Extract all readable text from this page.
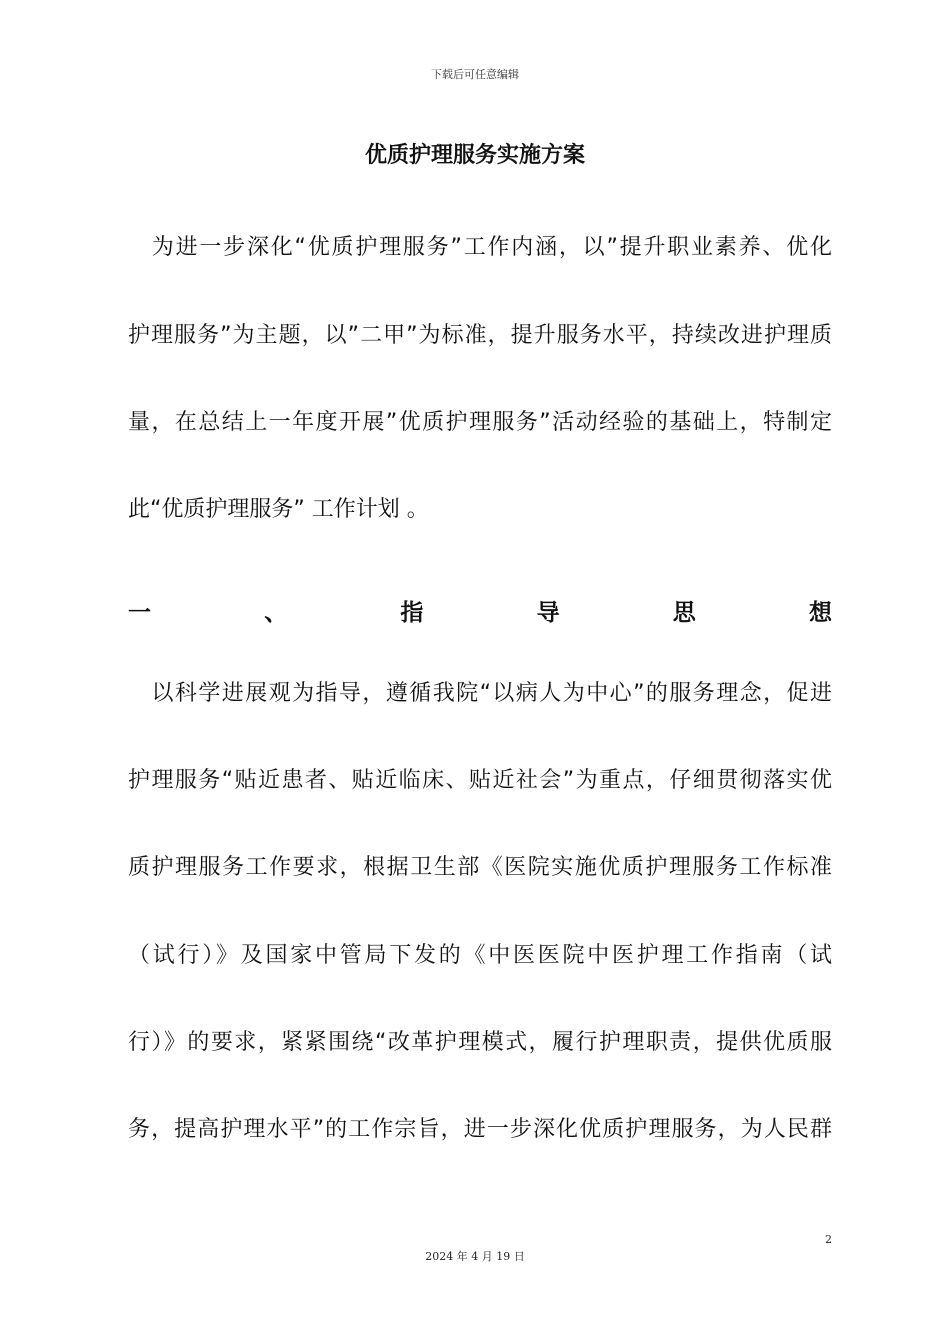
下载后可任意编辑
优质护理服务实施方案
　为进一步深化“优质护理服务”工作内涵，以”提升职业素养、优化
护理服务”为主题，以”二甲”为标准，提升服务水平，持续改进护理质
量，在总结上一年度开展”优质护理服务”活动经验的基础上，特制定
此“优质护理服务” 工作计划 。
一	、	指	导	思	想
　以科学进展观为指导，遵循我院“以病人为中心”的服务理念，促进
护理服务“贴近患者、贴近临床、贴近社会”为重点，仔细贯彻落实优
质护理服务工作要求，根据卫生部《医院实施优质护理服务工作标准
（试行）》及国家中管局下发的《中医医院中医护理工作指南（试
行）》的要求，紧紧围绕“改革护理模式，履行护理职责，提供优质服
务，提高护理水平”的工作宗旨，进一步深化优质护理服务，为人民群
2
2024 年 4 月 19 日
